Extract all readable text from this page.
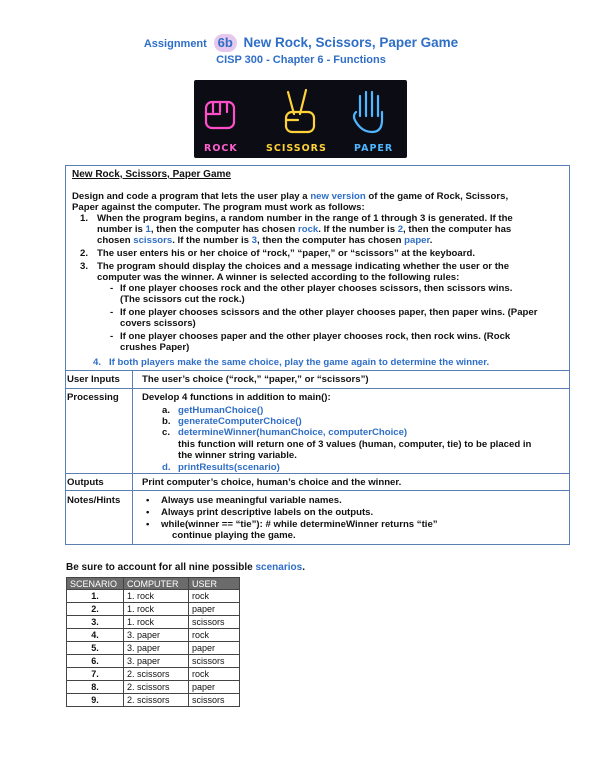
Assignment 6b New Rock, Scissors, Paper Game
CISP 300 - Chapter 6 - Functions
ROCK	SCISSORS	PAPER
New Rock, Scissors, Paper Game
Design and code a program that lets the user play a new version of the game of Rock, Scissors,
Paper against the computer. The program must work as follows:
1. When the program begins, a random number in the range of 1 through 3 is generated. If the
number is 1, then the computer has chosen rock. If the number is 2, then the computer has
chosen scissors. If the number is 3, then the computer has chosen paper.
2. The user enters his or her choice of “rock,” “paper,” or “scissors” at the keyboard.
3. The program should display the choices and a message indicating whether the user or the
computer was the winner. A winner is selected according to the following rules:
- If one player chooses rock and the other player chooses scissors, then scissors wins.
(The scissors cut the rock.)
- If one player chooses scissors and the other player chooses paper, then paper wins. (Paper
covers scissors)
- If one player chooses paper and the other player chooses rock, then rock wins. (Rock
crushes Paper)
4. If both players make the same choice, play the game again to determine the winner.
User Inputs The user’s choice (“rock,” “paper,” or “scissors”)
Processing Develop 4 functions in addition to main():
a. getHumanChoice()
b. generateComputerChoice()
c. determineWinner(humanChoice, computerChoice)
this function will return one of 3 values (human, computer, tie) to be placed in
the winner string variable.
d. printResults(scenario)
Outputs	Print computer’s choice, human’s choice and the winner.
Notes/Hints	• Always use meaningful variable names.
• Always print descriptive labels on the outputs.
• while(winner == “tie”): # while determineWinner returns “tie”
continue playing the game.
Be sure to account for all nine possible scenarios.
SCENARIO	COMPUTER	USER
1.	1. rock	rock
2.	1. rock	paper
3.	1. rock	scissors
4.	3. paper	rock
5.	3. paper	paper
6.	3. paper	scissors
7.	2. scissors	rock
8.	2. scissors	paper
9.	2. scissors	scissors
